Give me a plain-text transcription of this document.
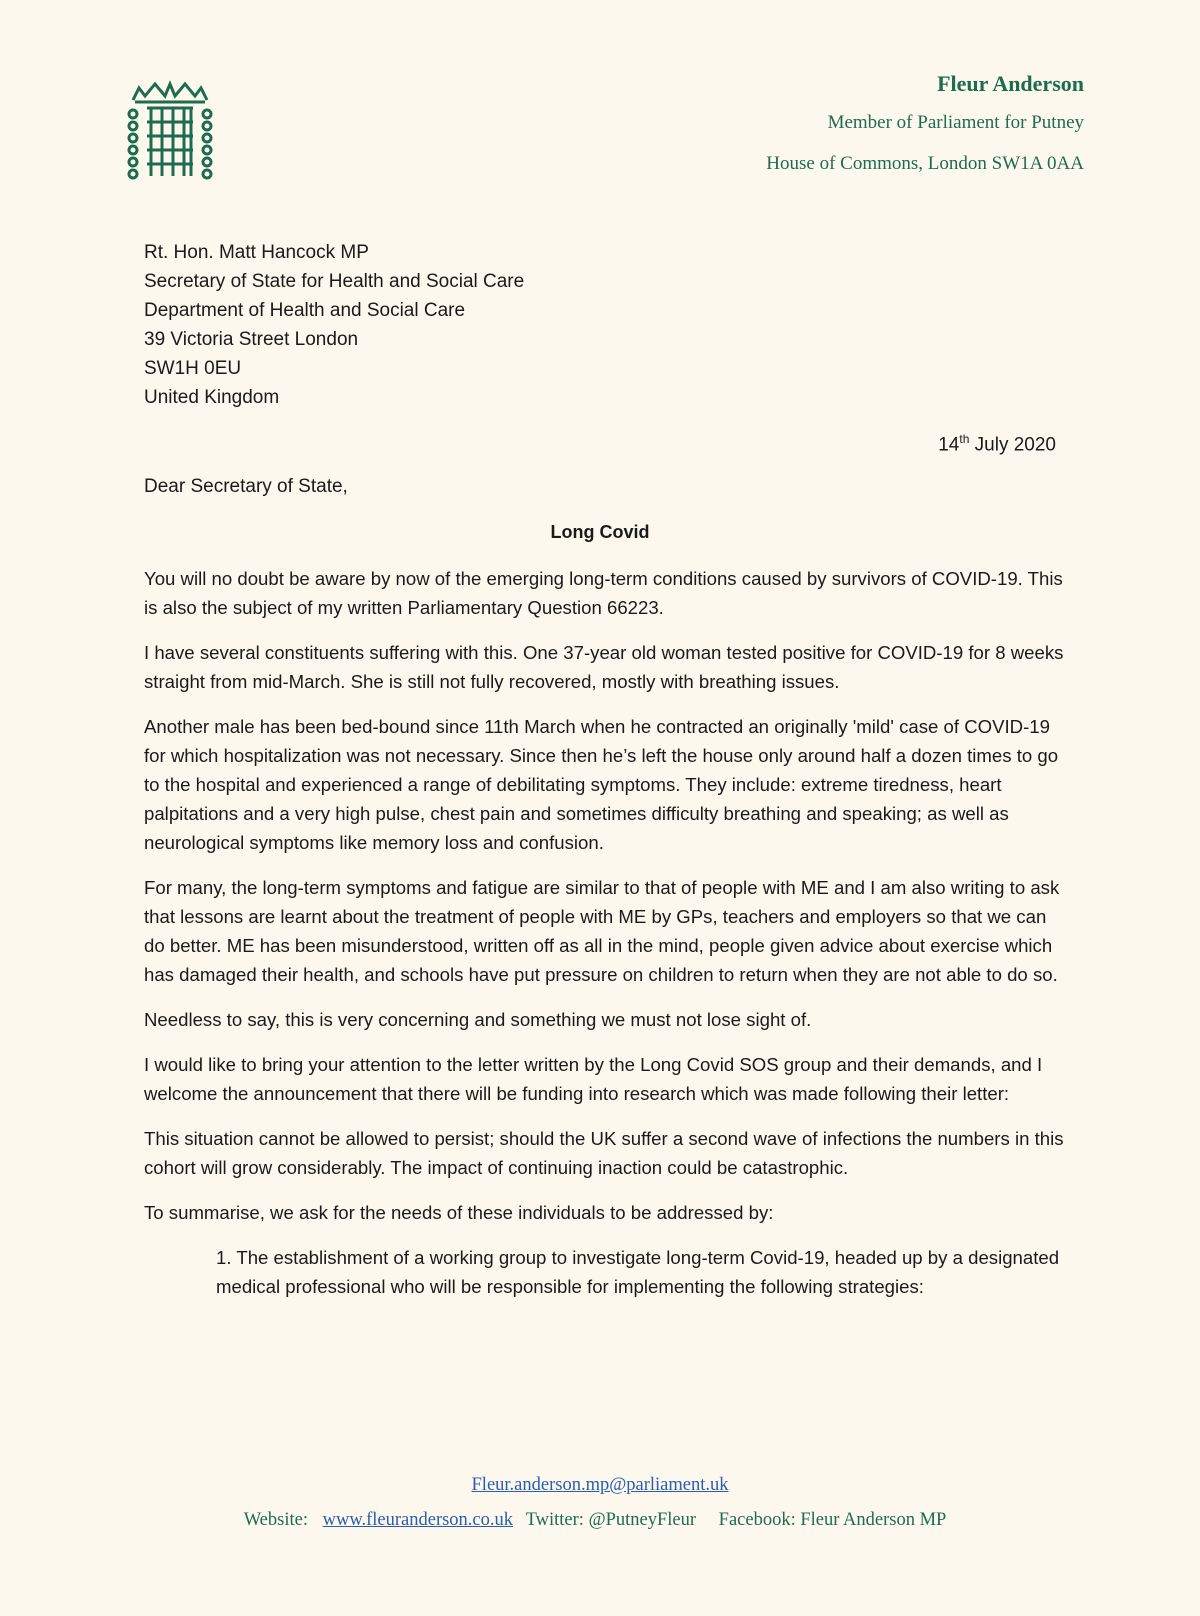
Fleur Anderson
Member of Parliament for Putney
House of Commons, London SW1A 0AA
Rt. Hon. Matt Hancock MP
Secretary of State for Health and Social Care
Department of Health and Social Care
39 Victoria Street London
SW1H 0EU
United Kingdom
14th July 2020
Dear Secretary of State,
Long Covid

You will no doubt be aware by now of the emerging long-term conditions caused by survivors of COVID-19. This is also the subject of my written Parliamentary Question 66223.

I have several constituents suffering with this. One 37-year old woman tested positive for COVID-19 for 8 weeks straight from mid-March. She is still not fully recovered, mostly with breathing issues.

Another male has been bed-bound since 11th March when he contracted an originally 'mild' case of COVID-19 for which hospitalization was not necessary. Since then he’s left the house only around half a dozen times to go to the hospital and experienced a range of debilitating symptoms. They include: extreme tiredness, heart palpitations and a very high pulse, chest pain and sometimes difficulty breathing and speaking; as well as neurological symptoms like memory loss and confusion.

For many, the long-term symptoms and fatigue are similar to that of people with ME and I am also writing to ask that lessons are learnt about the treatment of people with ME by GPs, teachers and employers so that we can do better. ME has been misunderstood, written off as all in the mind, people given advice about exercise which has damaged their health, and schools have put pressure on children to return when they are not able to do so.

Needless to say, this is very concerning and something we must not lose sight of.

I would like to bring your attention to the letter written by the Long Covid SOS group and their demands, and I welcome the announcement that there will be funding into research which was made following their letter:

This situation cannot be allowed to persist; should the UK suffer a second wave of infections the numbers in this cohort will grow considerably. The impact of continuing inaction could be catastrophic.

To summarise, we ask for the needs of these individuals to be addressed by:

1. The establishment of a working group to investigate long-term Covid-19, headed up by a designated medical professional who will be responsible for implementing the following strategies:

Fleur.anderson.mp@parliament.uk
Website: www.fleuranderson.co.uk Twitter: @PutneyFleur Facebook: Fleur Anderson MP
